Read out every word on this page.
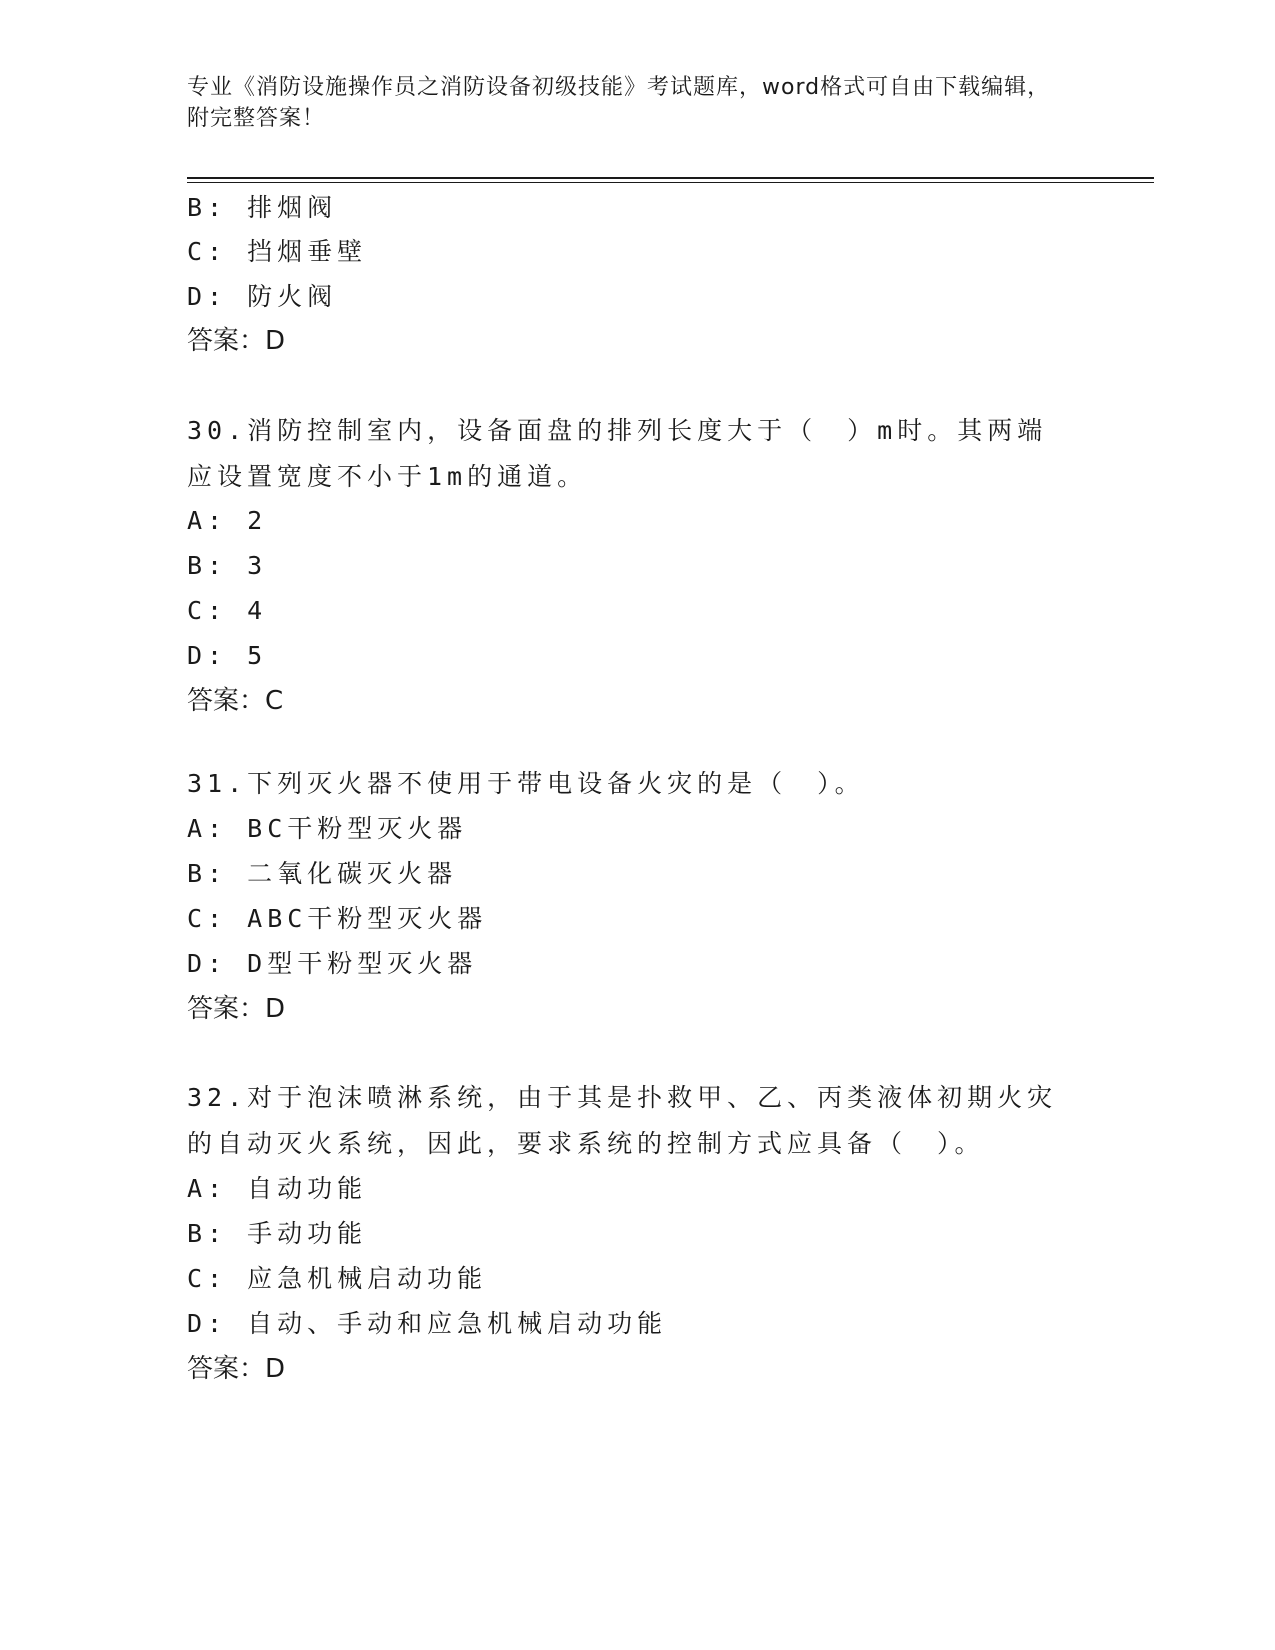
专业《消防设施操作员之消防设备初级技能》考试题库，word格式可自由下载编辑，附完整答案！
B: 排烟阀
C: 挡烟垂壁
D: 防火阀
答案：D
30.消防控制室内，设备面盘的排列长度大于（　）m时。其两端应设置宽度不小于1m的通道。
A: 2
B: 3
C: 4
D: 5
答案：C
31.下列灭火器不使用于带电设备火灾的是（　）。
A: BC干粉型灭火器
B: 二氧化碳灭火器
C: ABC干粉型灭火器
D: D型干粉型灭火器
答案：D
32.对于泡沫喷淋系统，由于其是扑救甲、乙、丙类液体初期火灾的自动灭火系统，因此，要求系统的控制方式应具备（　）。
A: 自动功能
B: 手动功能
C: 应急机械启动功能
D: 自动、手动和应急机械启动功能
答案：D
